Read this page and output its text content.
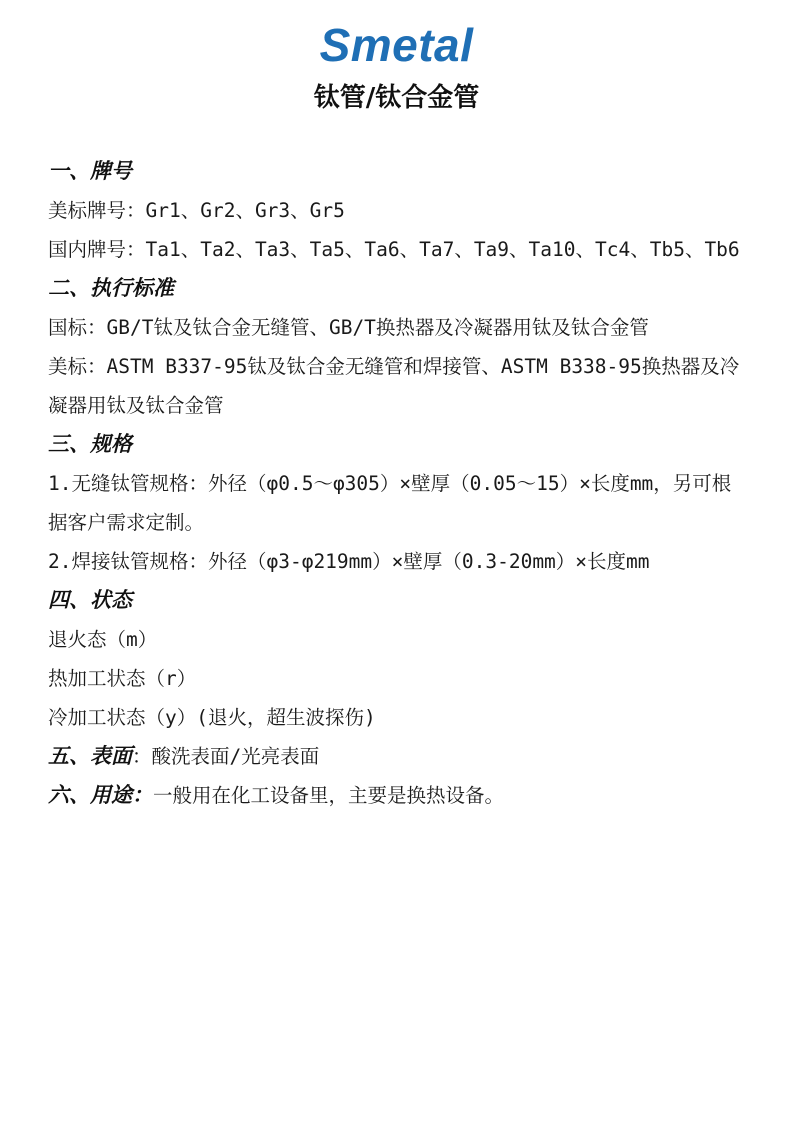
Smetal
钛管/钛合金管
一、牌号
美标牌号：Gr1、Gr2、Gr3、Gr5
国内牌号：Ta1、Ta2、Ta3、Ta5、Ta6、Ta7、Ta9、Ta10、Tc4、Tb5、Tb6
二、执行标准
国标：GB/T钛及钛合金无缝管、GB/T换热器及冷凝器用钛及钛合金管
美标：ASTM B337-95钛及钛合金无缝管和焊接管、ASTM B338-95换热器及冷凝器用钛及钛合金管
三、规格
1.无缝钛管规格：外径（φ0.5～φ305）×壁厚（0.05～15）×长度mm，另可根据客户需求定制。
2.焊接钛管规格：外径（φ3-φ219mm）×壁厚（0.3-20mm）×长度mm
四、状态
退火态（m）
热加工状态（r）
冷加工状态（y）(退火，超生波探伤)
五、表面：酸洗表面/光亮表面
六、用途：一般用在化工设备里，主要是换热设备。
